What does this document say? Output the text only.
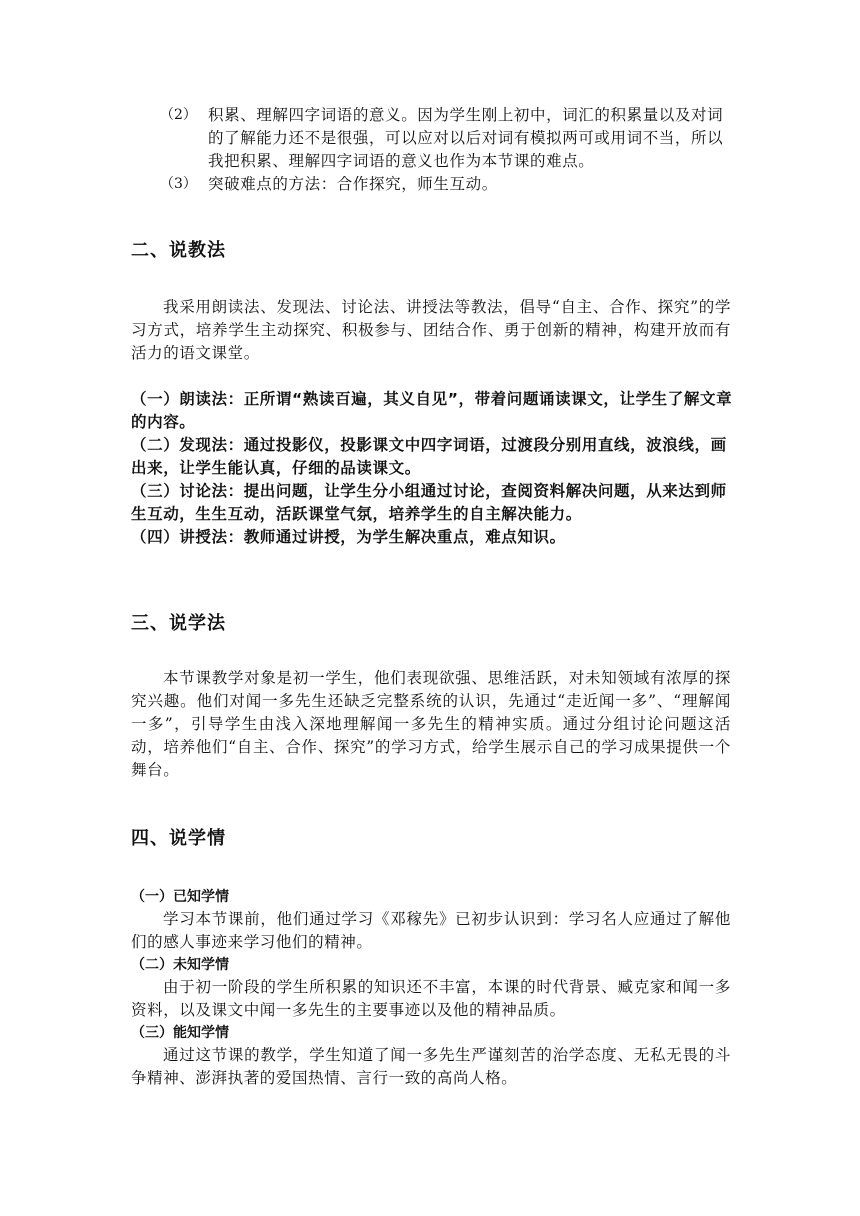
（2） 积累、理解四字词语的意义。因为学生刚上初中，词汇的积累量以及对词的了解能力还不是很强，可以应对以后对词有模拟两可或用词不当，所以我把积累、理解四字词语的意义也作为本节课的难点。
（3） 突破难点的方法：合作探究，师生互动。
二、说教法
我采用朗读法、发现法、讨论法、讲授法等教法，倡导“自主、合作、探究”的学习方式，培养学生主动探究、积极参与、团结合作、勇于创新的精神，构建开放而有活力的语文课堂。
（一）朗读法：正所谓“熟读百遍，其义自见”，带着问题诵读课文，让学生了解文章的内容。
（二）发现法：通过投影仪，投影课文中四字词语，过渡段分别用直线，波浪线，画出来，让学生能认真，仔细的品读课文。
（三）讨论法：提出问题，让学生分小组通过讨论，查阅资料解决问题，从来达到师生互动，生生互动，活跃课堂气氛，培养学生的自主解决能力。
（四）讲授法：教师通过讲授，为学生解决重点，难点知识。
三、说学法
本节课教学对象是初一学生，他们表现欲强、思维活跃，对未知领域有浓厚的探究兴趣。他们对闻一多先生还缺乏完整系统的认识，先通过“走近闻一多”、“理解闻一多”，引导学生由浅入深地理解闻一多先生的精神实质。通过分组讨论问题这活动，培养他们“自主、合作、探究”的学习方式，给学生展示自己的学习成果提供一个舞台。
四、说学情
（一）已知学情
学习本节课前，他们通过学习《邓稼先》已初步认识到：学习名人应通过了解他们的感人事迹来学习他们的精神。
（二）未知学情
由于初一阶段的学生所积累的知识还不丰富，本课的时代背景、臧克家和闻一多资料，以及课文中闻一多先生的主要事迹以及他的精神品质。
（三）能知学情
通过这节课的教学，学生知道了闻一多先生严谨刻苦的治学态度、无私无畏的斗争精神、澎湃执著的爱国热情、言行一致的高尚人格。
